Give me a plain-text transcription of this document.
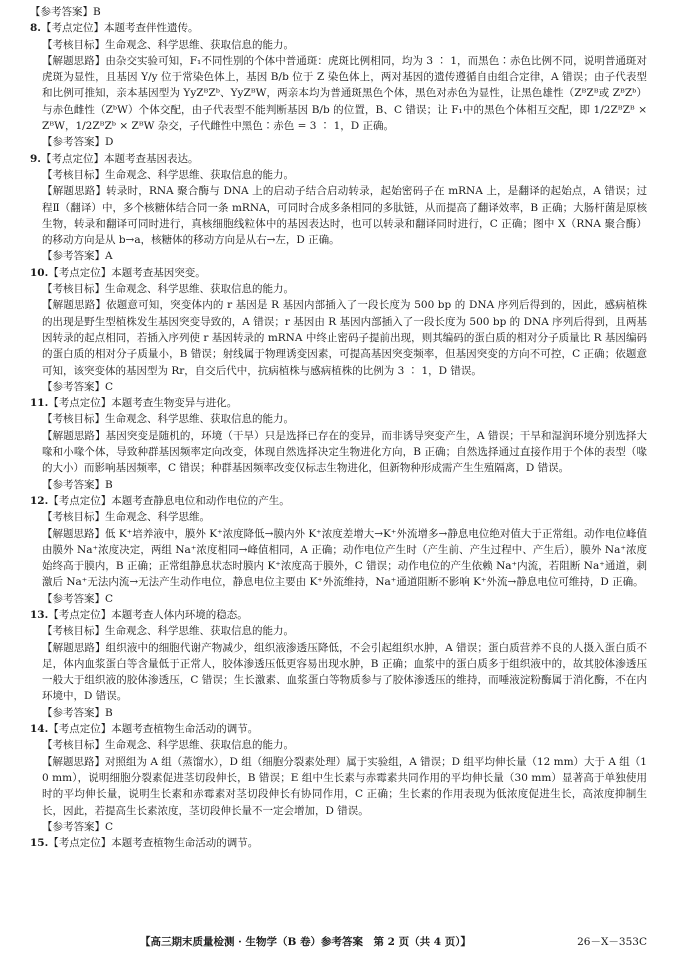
【参考答案】B
8.【考点定位】本题考查伴性遗传。
【考核目标】生命观念、科学思维、获取信息的能力。
【解题思路】由杂交实验可知，F₁不同性别的个体中普通斑：虎斑比例相同，均为 3 ∶ 1，而黑色∶赤色比例不同，说明普通斑对虎斑为显性，且基因 Y/y 位于常染色体上，基因 B/b 位于 Z 染色体上，两对基因的遗传遵循自由组合定律，A 错误；由子代表型和比例可推知，亲本基因型为 YyZᴮZᵇ、YyZᴮW，两亲本均为普通斑黑色个体，黑色对赤色为显性，让黑色雄性（ZᴮZᴮ或 ZᴮZᵇ）与赤色雌性（ZᵇW）个体交配，由子代表型不能判断基因 B/b 的位置，B、C 错误；让 F₁中的黑色个体相互交配，即 1/2ZᴮZᴮ × ZᴮW，1/2ZᴮZᵇ × ZᴮW 杂交，子代雌性中黑色∶赤色 = 3 ∶ 1，D 正确。
【参考答案】D
9.【考点定位】本题考查基因表达。
【考核目标】生命观念、科学思维、获取信息的能力。
【解题思路】转录时，RNA 聚合酶与 DNA 上的启动子结合启动转录，起始密码子在 mRNA 上，是翻译的起始点，A 错误；过程Ⅱ（翻译）中，多个核糖体结合同一条 mRNA，可同时合成多条相同的多肽链，从而提高了翻译效率，B 正确；大肠杆菌是原核生物，转录和翻译可同时进行，真核细胞线粒体中的基因表达时，也可以转录和翻译同时进行，C 正确；图中 X（RNA 聚合酶）的移动方向是从 b→a，核糖体的移动方向是从右→左，D 正确。
【参考答案】A
10.【考点定位】本题考查基因突变。
【考核目标】生命观念、科学思维、获取信息的能力。
【解题思路】依题意可知，突变体内的 r 基因是 R 基因内部插入了一段长度为 500 bp 的 DNA 序列后得到的，因此，感病植株的出现是野生型植株发生基因突变导致的，A 错误；r 基因由 R 基因内部插入了一段长度为 500 bp 的 DNA 序列后得到，且两基因转录的起点相同，若插入序列使 r 基因转录的 mRNA 中终止密码子提前出现，则其编码的蛋白质的相对分子质量比 R 基因编码的蛋白质的相对分子质量小，B 错误；射线属于物理诱变因素，可提高基因突变频率，但基因突变的方向不可控，C 正确；依题意可知，该突变体的基因型为 Rr，自交后代中，抗病植株与感病植株的比例为 3 ∶ 1，D 错误。
【参考答案】C
11.【考点定位】本题考查生物变异与进化。
【考核目标】生命观念、科学思维、获取信息的能力。
【解题思路】基因突变是随机的，环境（干旱）只是选择已存在的变异，而非诱导突变产生，A 错误；干旱和湿润环境分别选择大喙和小喙个体，导致种群基因频率定向改变，体现自然选择决定生物进化方向，B 正确；自然选择通过直接作用于个体的表型（喙的大小）而影响基因频率，C 错误；种群基因频率改变仅标志生物进化，但新物种形成需产生生殖隔离，D 错误。
【参考答案】B
12.【考点定位】本题考查静息电位和动作电位的产生。
【考核目标】生命观念、科学思维。
【解题思路】低 K⁺培养液中，膜外 K⁺浓度降低→膜内外 K⁺浓度差增大→K⁺外流增多→静息电位绝对值大于正常组。动作电位峰值由膜外 Na⁺浓度决定，两组 Na⁺浓度相同→峰值相同，A 正确；动作电位产生时（产生前、产生过程中、产生后），膜外 Na⁺浓度始终高于膜内，B 正确；正常组静息状态时膜内 K⁺浓度高于膜外，C 错误；动作电位的产生依赖 Na⁺内流，若阻断 Na⁺通道，刺激后 Na⁺无法内流→无法产生动作电位，静息电位主要由 K⁺外流维持，Na⁺通道阻断不影响 K⁺外流→静息电位可维持，D 正确。
【参考答案】C
13.【考点定位】本题考查人体内环境的稳态。
【考核目标】生命观念、科学思维、获取信息的能力。
【解题思路】组织液中的细胞代谢产物减少，组织液渗透压降低，不会引起组织水肿，A 错误；蛋白质营养不良的人摄入蛋白质不足，体内血浆蛋白等含量低于正常人，胶体渗透压低更容易出现水肿，B 正确；血浆中的蛋白质多于组织液中的，故其胶体渗透压一般大于组织液的胶体渗透压，C 错误；生长激素、血浆蛋白等物质参与了胶体渗透压的维持，而唾液淀粉酶属于消化酶，不在内环境中，D 错误。
【参考答案】B
14.【考点定位】本题考查植物生命活动的调节。
【考核目标】生命观念、科学思维、获取信息的能力。
【解题思路】对照组为 A 组（蒸馏水），D 组（细胞分裂素处理）属于实验组，A 错误；D 组平均伸长量（12 mm）大于 A 组（10 mm），说明细胞分裂素促进茎切段伸长，B 错误；E 组中生长素与赤霉素共同作用的平均伸长量（30 mm）显著高于单独使用时的平均伸长量，说明生长素和赤霉素对茎切段伸长有协同作用，C 正确；生长素的作用表现为低浓度促进生长，高浓度抑制生长，因此，若提高生长素浓度，茎切段伸长量不一定会增加，D 错误。
【参考答案】C
15.【考点定位】本题考查植物生命活动的调节。
【高三期末质量检测 · 生物学（B 卷）参考答案　第 2 页（共 4 页）】	26－X－353C
